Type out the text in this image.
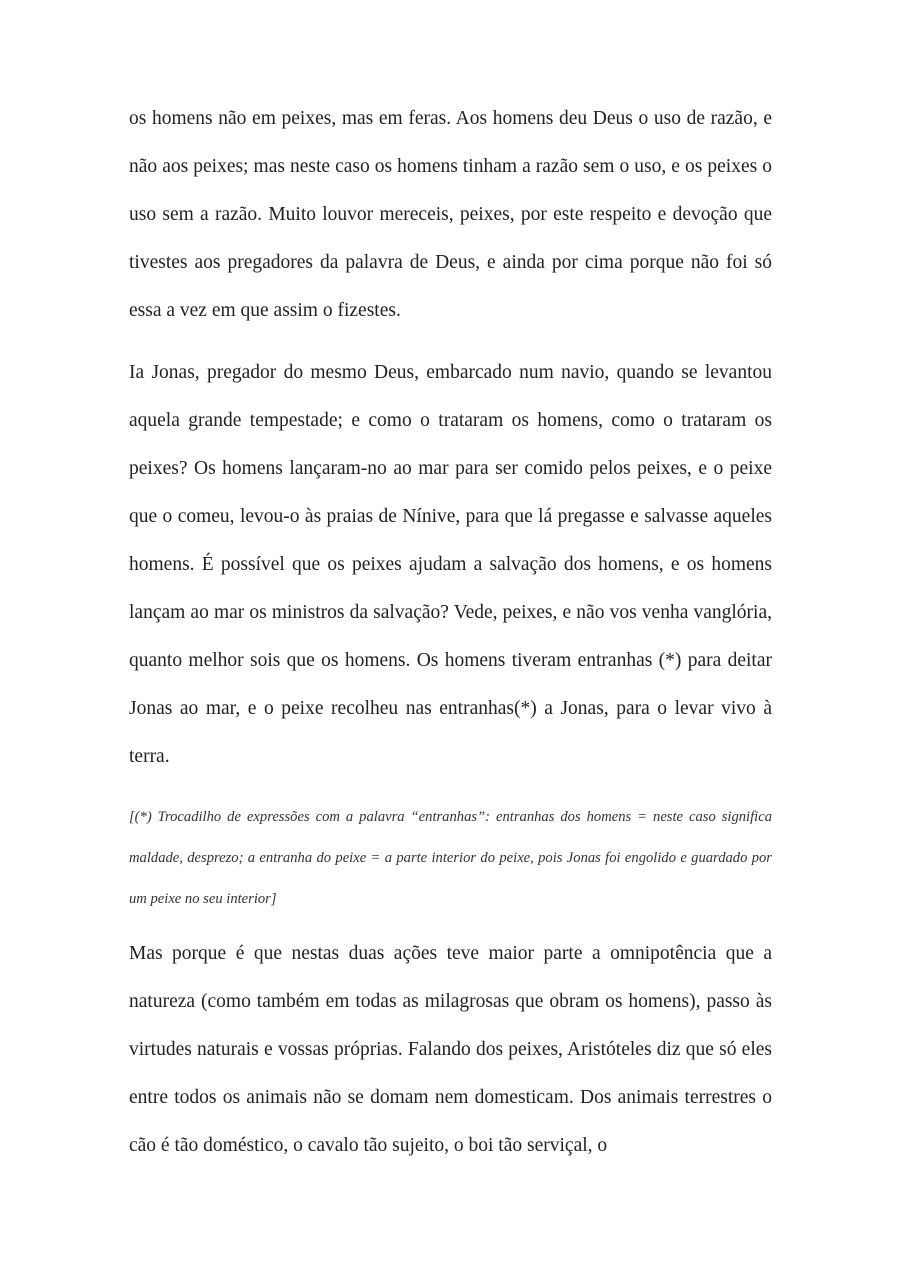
os homens não em peixes, mas em feras. Aos homens deu Deus o uso de razão, e não aos peixes; mas neste caso os homens tinham a razão sem o uso, e os peixes o uso sem a razão. Muito louvor mereceis, peixes, por este respeito e devoção que tivestes aos pregadores da palavra de Deus, e ainda por cima porque não foi só essa a vez em que assim o fizestes.

Ia Jonas, pregador do mesmo Deus, embarcado num navio, quando se levantou aquela grande tempestade; e como o trataram os homens, como o trataram os peixes? Os homens lançaram-no ao mar para ser comido pelos peixes, e o peixe que o comeu, levou-o às praias de Nínive, para que lá pregasse e salvasse aqueles homens. É possível que os peixes ajudam a salvação dos homens, e os homens lançam ao mar os ministros da salvação? Vede, peixes, e não vos venha vanglória, quanto melhor sois que os homens. Os homens tiveram entranhas (*) para deitar Jonas ao mar, e o peixe recolheu nas entranhas(*) a Jonas, para o levar vivo à terra.

[(*) Trocadilho de expressões com a palavra “entranhas”: entranhas dos homens = neste caso significa maldade, desprezo; a entranha do peixe = a parte interior do peixe, pois Jonas foi engolido e guardado por um peixe no seu interior]

Mas porque é que nestas duas ações teve maior parte a omnipotência que a natureza (como também em todas as milagrosas que obram os homens), passo às virtudes naturais e vossas próprias. Falando dos peixes, Aristóteles diz que só eles entre todos os animais não se domam nem domesticam. Dos animais terrestres o cão é tão doméstico, o cavalo tão sujeito, o boi tão serviçal, o
